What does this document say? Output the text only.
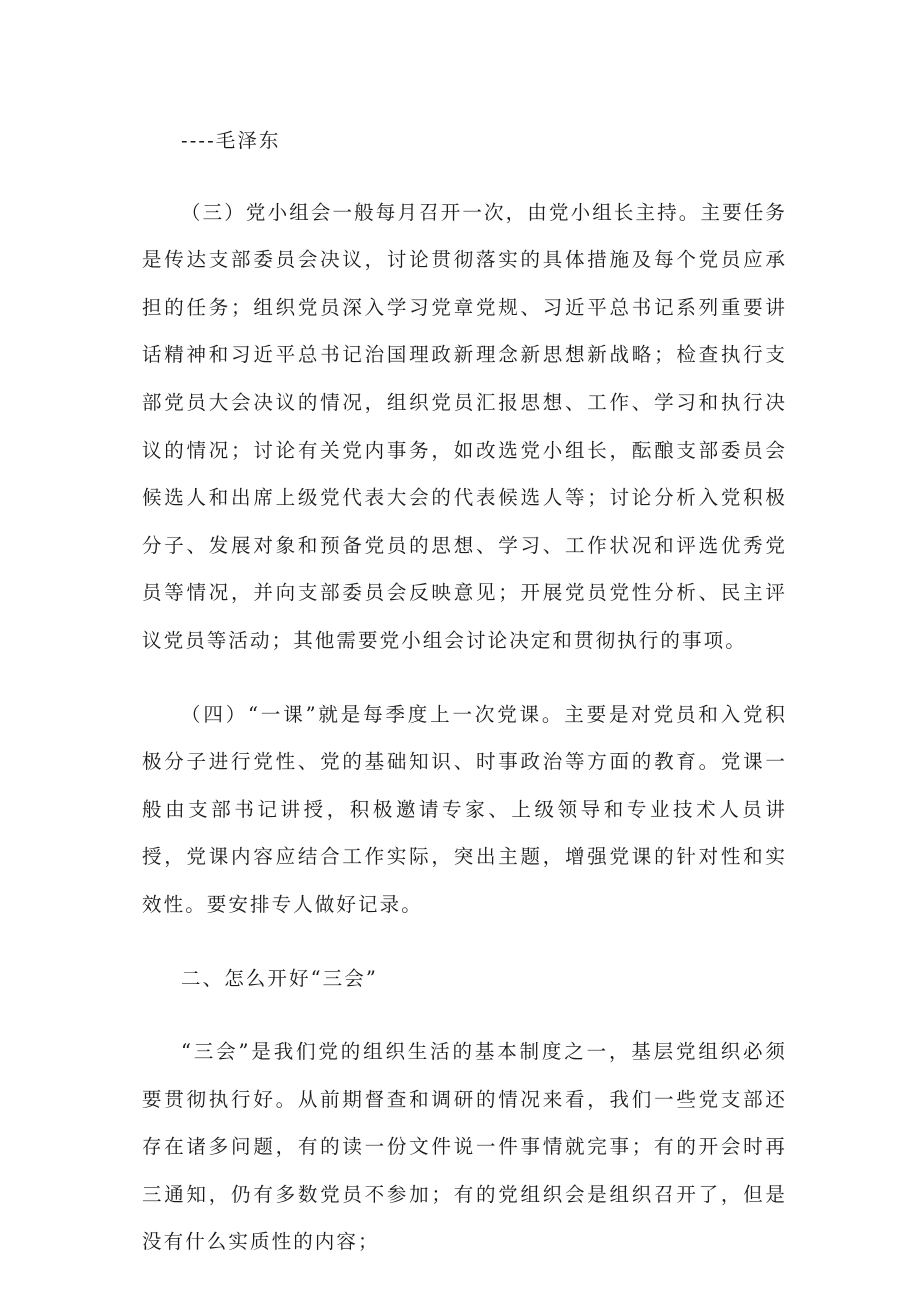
----毛泽东

（三）党小组会一般每月召开一次，由党小组长主持。主要任务是传达支部委员会决议，讨论贯彻落实的具体措施及每个党员应承担的任务；组织党员深入学习党章党规、习近平总书记系列重要讲话精神和习近平总书记治国理政新理念新思想新战略；检查执行支部党员大会决议的情况，组织党员汇报思想、工作、学习和执行决议的情况；讨论有关党内事务，如改选党小组长，酝酿支部委员会候选人和出席上级党代表大会的代表候选人等；讨论分析入党积极分子、发展对象和预备党员的思想、学习、工作状况和评选优秀党员等情况，并向支部委员会反映意见；开展党员党性分析、民主评议党员等活动；其他需要党小组会讨论决定和贯彻执行的事项。

（四）“一课”就是每季度上一次党课。主要是对党员和入党积极分子进行党性、党的基础知识、时事政治等方面的教育。党课一般由支部书记讲授，积极邀请专家、上级领导和专业技术人员讲授，党课内容应结合工作实际，突出主题，增强党课的针对性和实效性。要安排专人做好记录。

二、怎么开好“三会”

“三会”是我们党的组织生活的基本制度之一，基层党组织必须要贯彻执行好。从前期督查和调研的情况来看，我们一些党支部还存在诸多问题，有的读一份文件说一件事情就完事；有的开会时再三通知，仍有多数党员不参加；有的党组织会是组织召开了，但是没有什么实质性的内容；
